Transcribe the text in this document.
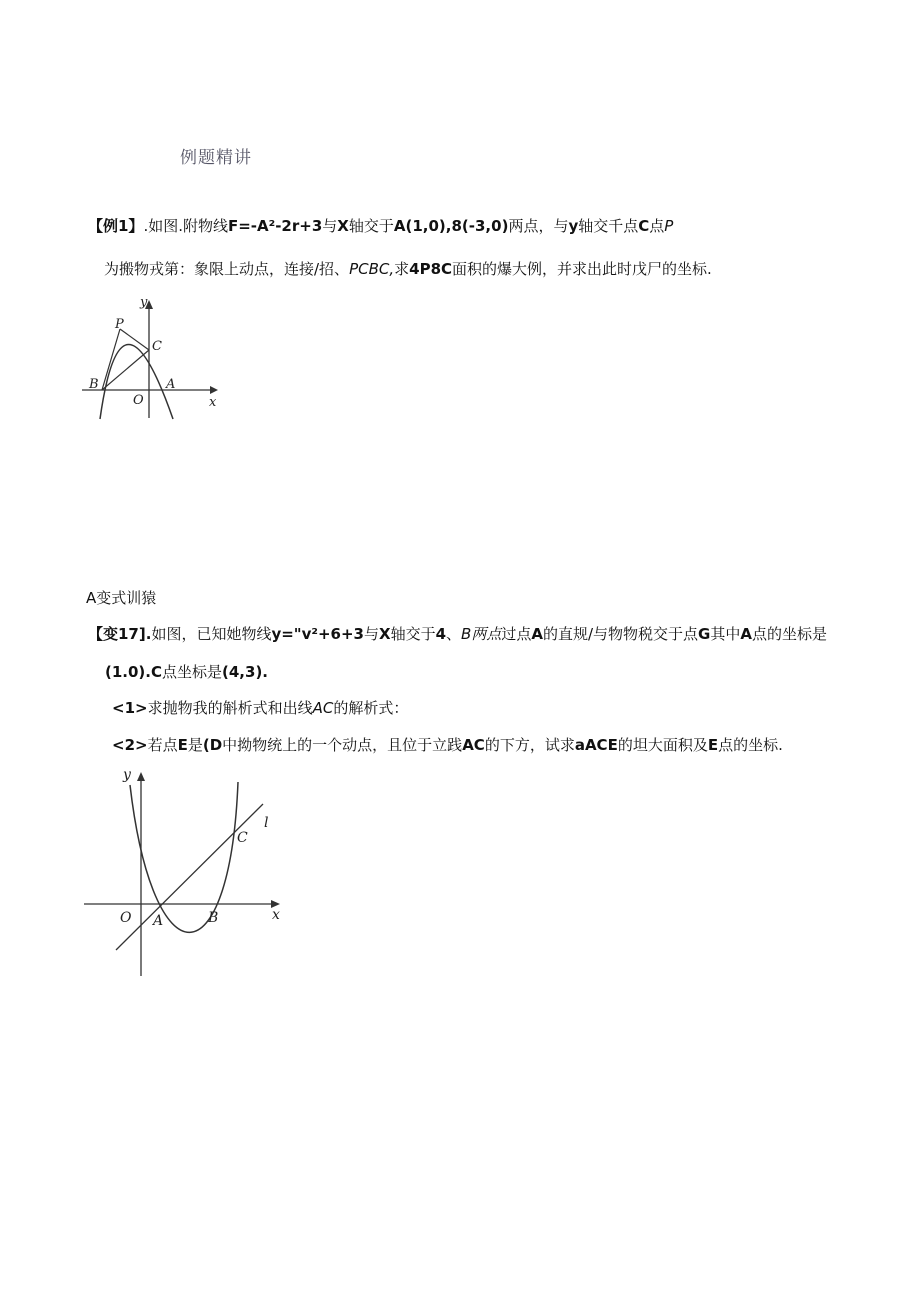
例题精讲
【例1】.如图.附物线F=-A²-2r+3与X轴交于A(1,0),8(-3,0)两点，与y轴交千点C点P
为搬物戎第：象限上动点，连接/招、PCBC,求4P8C面积的爆大例，并求出此时戊尸的坐标.
y
x
O
P
C
B	A
A变式训猿
【变17].如图，已知她物线y="v²+6+3与X轴交于4、B两点过点A的直规/与物物税交于点G其中A点的坐标是
(1.0).C点坐标是(4,3).
<1>求抛物我的斛析式和出线AC的解析式：
<2>若点E是(D中拗物统上的一个动点，且位于立践AC的下方，试求aACE的坦大面积及E点的坐标.
y
x
O A	B
C
l
